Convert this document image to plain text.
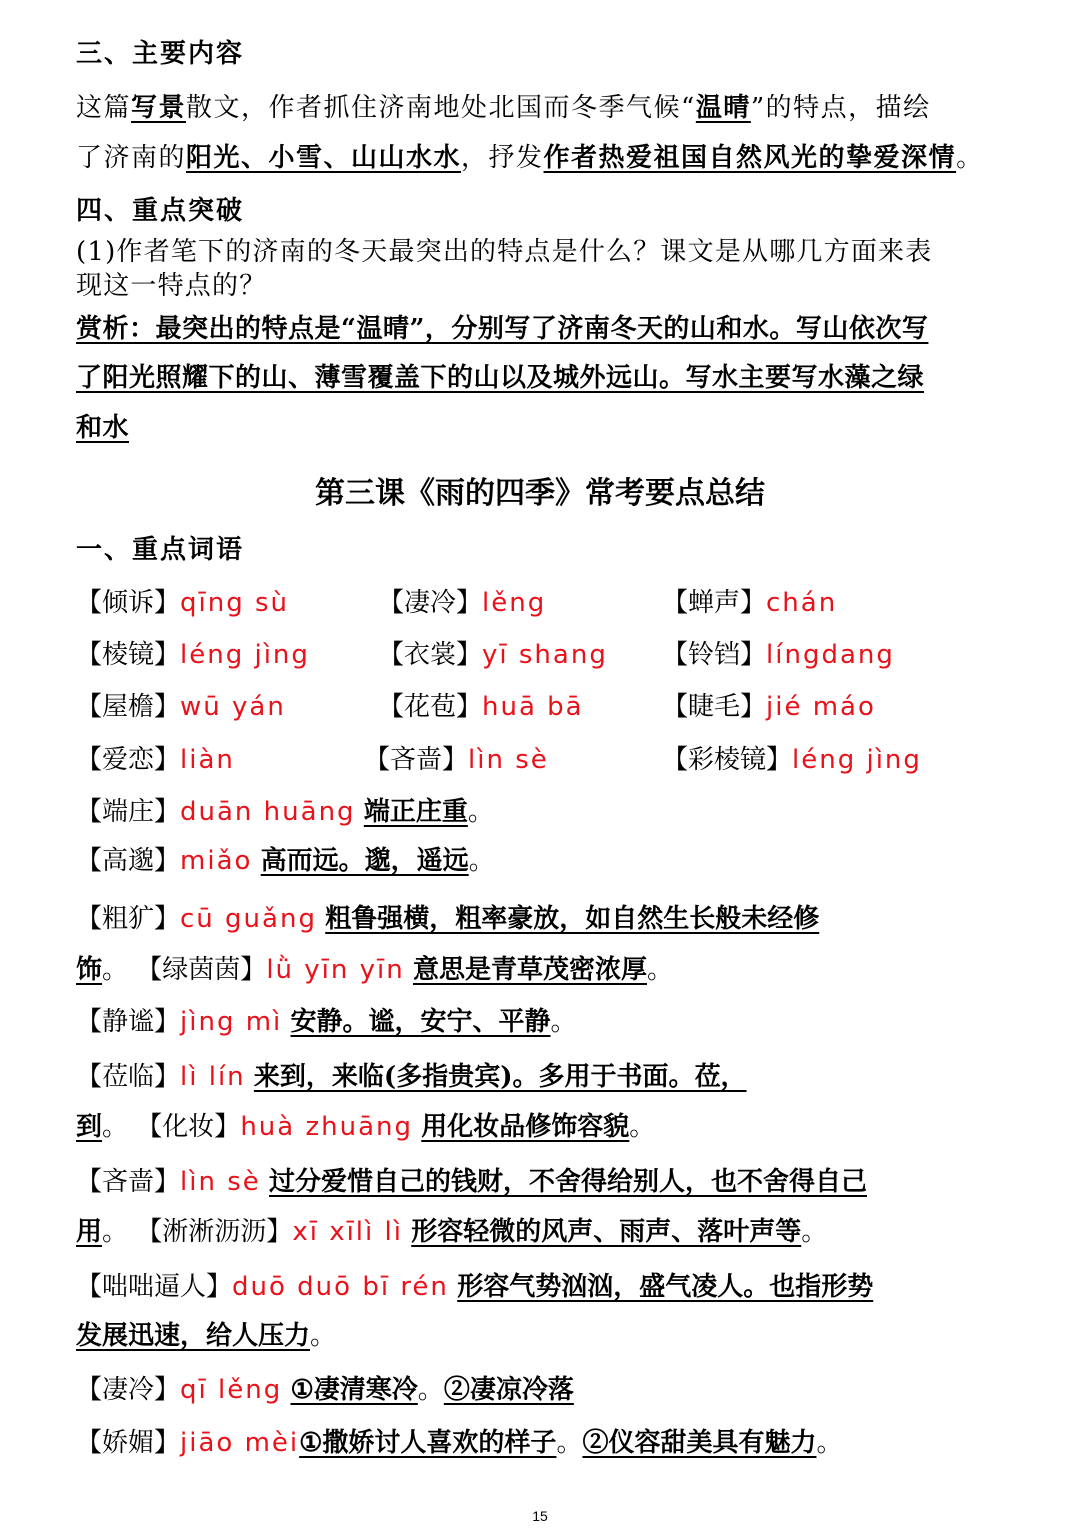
三、主要内容
这篇写景散文，作者抓住济南地处北国而冬季气候“温晴”的特点，描绘
了济南的阳光、小雪、山山水水，抒发作者热爱祖国自然风光的挚爱深情。
四、重点突破
(1)作者笔下的济南的冬天最突出的特点是什么？课文是从哪几方面来表
现这一特点的？
赏析：最突出的特点是“温晴”，分别写了济南冬天的山和水。写山依次写
了阳光照耀下的山、薄雪覆盖下的山以及城外远山。写水主要写水藻之绿
和水
第三课《雨的四季》常考要点总结
一、重点词语
【倾诉】qīng sù	【凄冷】lěng	【蝉声】chán
【棱镜】léng jìng	【衣裳】yī shang 【铃铛】língdang
【屋檐】wū yán	【花苞】huā bā	【睫毛】jié máo
【爱恋】liàn	【吝啬】lìn sè	【彩棱镜】léng jìng
【端庄】duān huāng 端正庄重。
【高邈】miǎo 高而远。邈，遥远。
【粗犷】cū guǎng 粗鲁强横，粗率豪放，如自然生长般未经修
饰。 【绿茵茵】lǜ yīn yīn 意思是青草茂密浓厚。
【静谧】jìng mì 安静。谧，安宁、平静。
【莅临】lì lín 来到，来临(多指贵宾)。多用于书面。莅，
到。 【化妆】huà zhuāng 用化妆品修饰容貌。
【吝啬】lìn sè 过分爱惜自己的钱财，不舍得给别人，也不舍得自己
用。 【淅淅沥沥】xī xīlì lì 形容轻微的风声、雨声、落叶声等。
【咄咄逼人】duō duō bī rén 形容气势汹汹，盛气凌人。也指形势
发展迅速，给人压力。
【凄冷】qī lěng ①凄清寒冷。②凄凉冷落
【娇媚】jiāo mèi①撒娇讨人喜欢的样子。②仪容甜美具有魅力。
15
